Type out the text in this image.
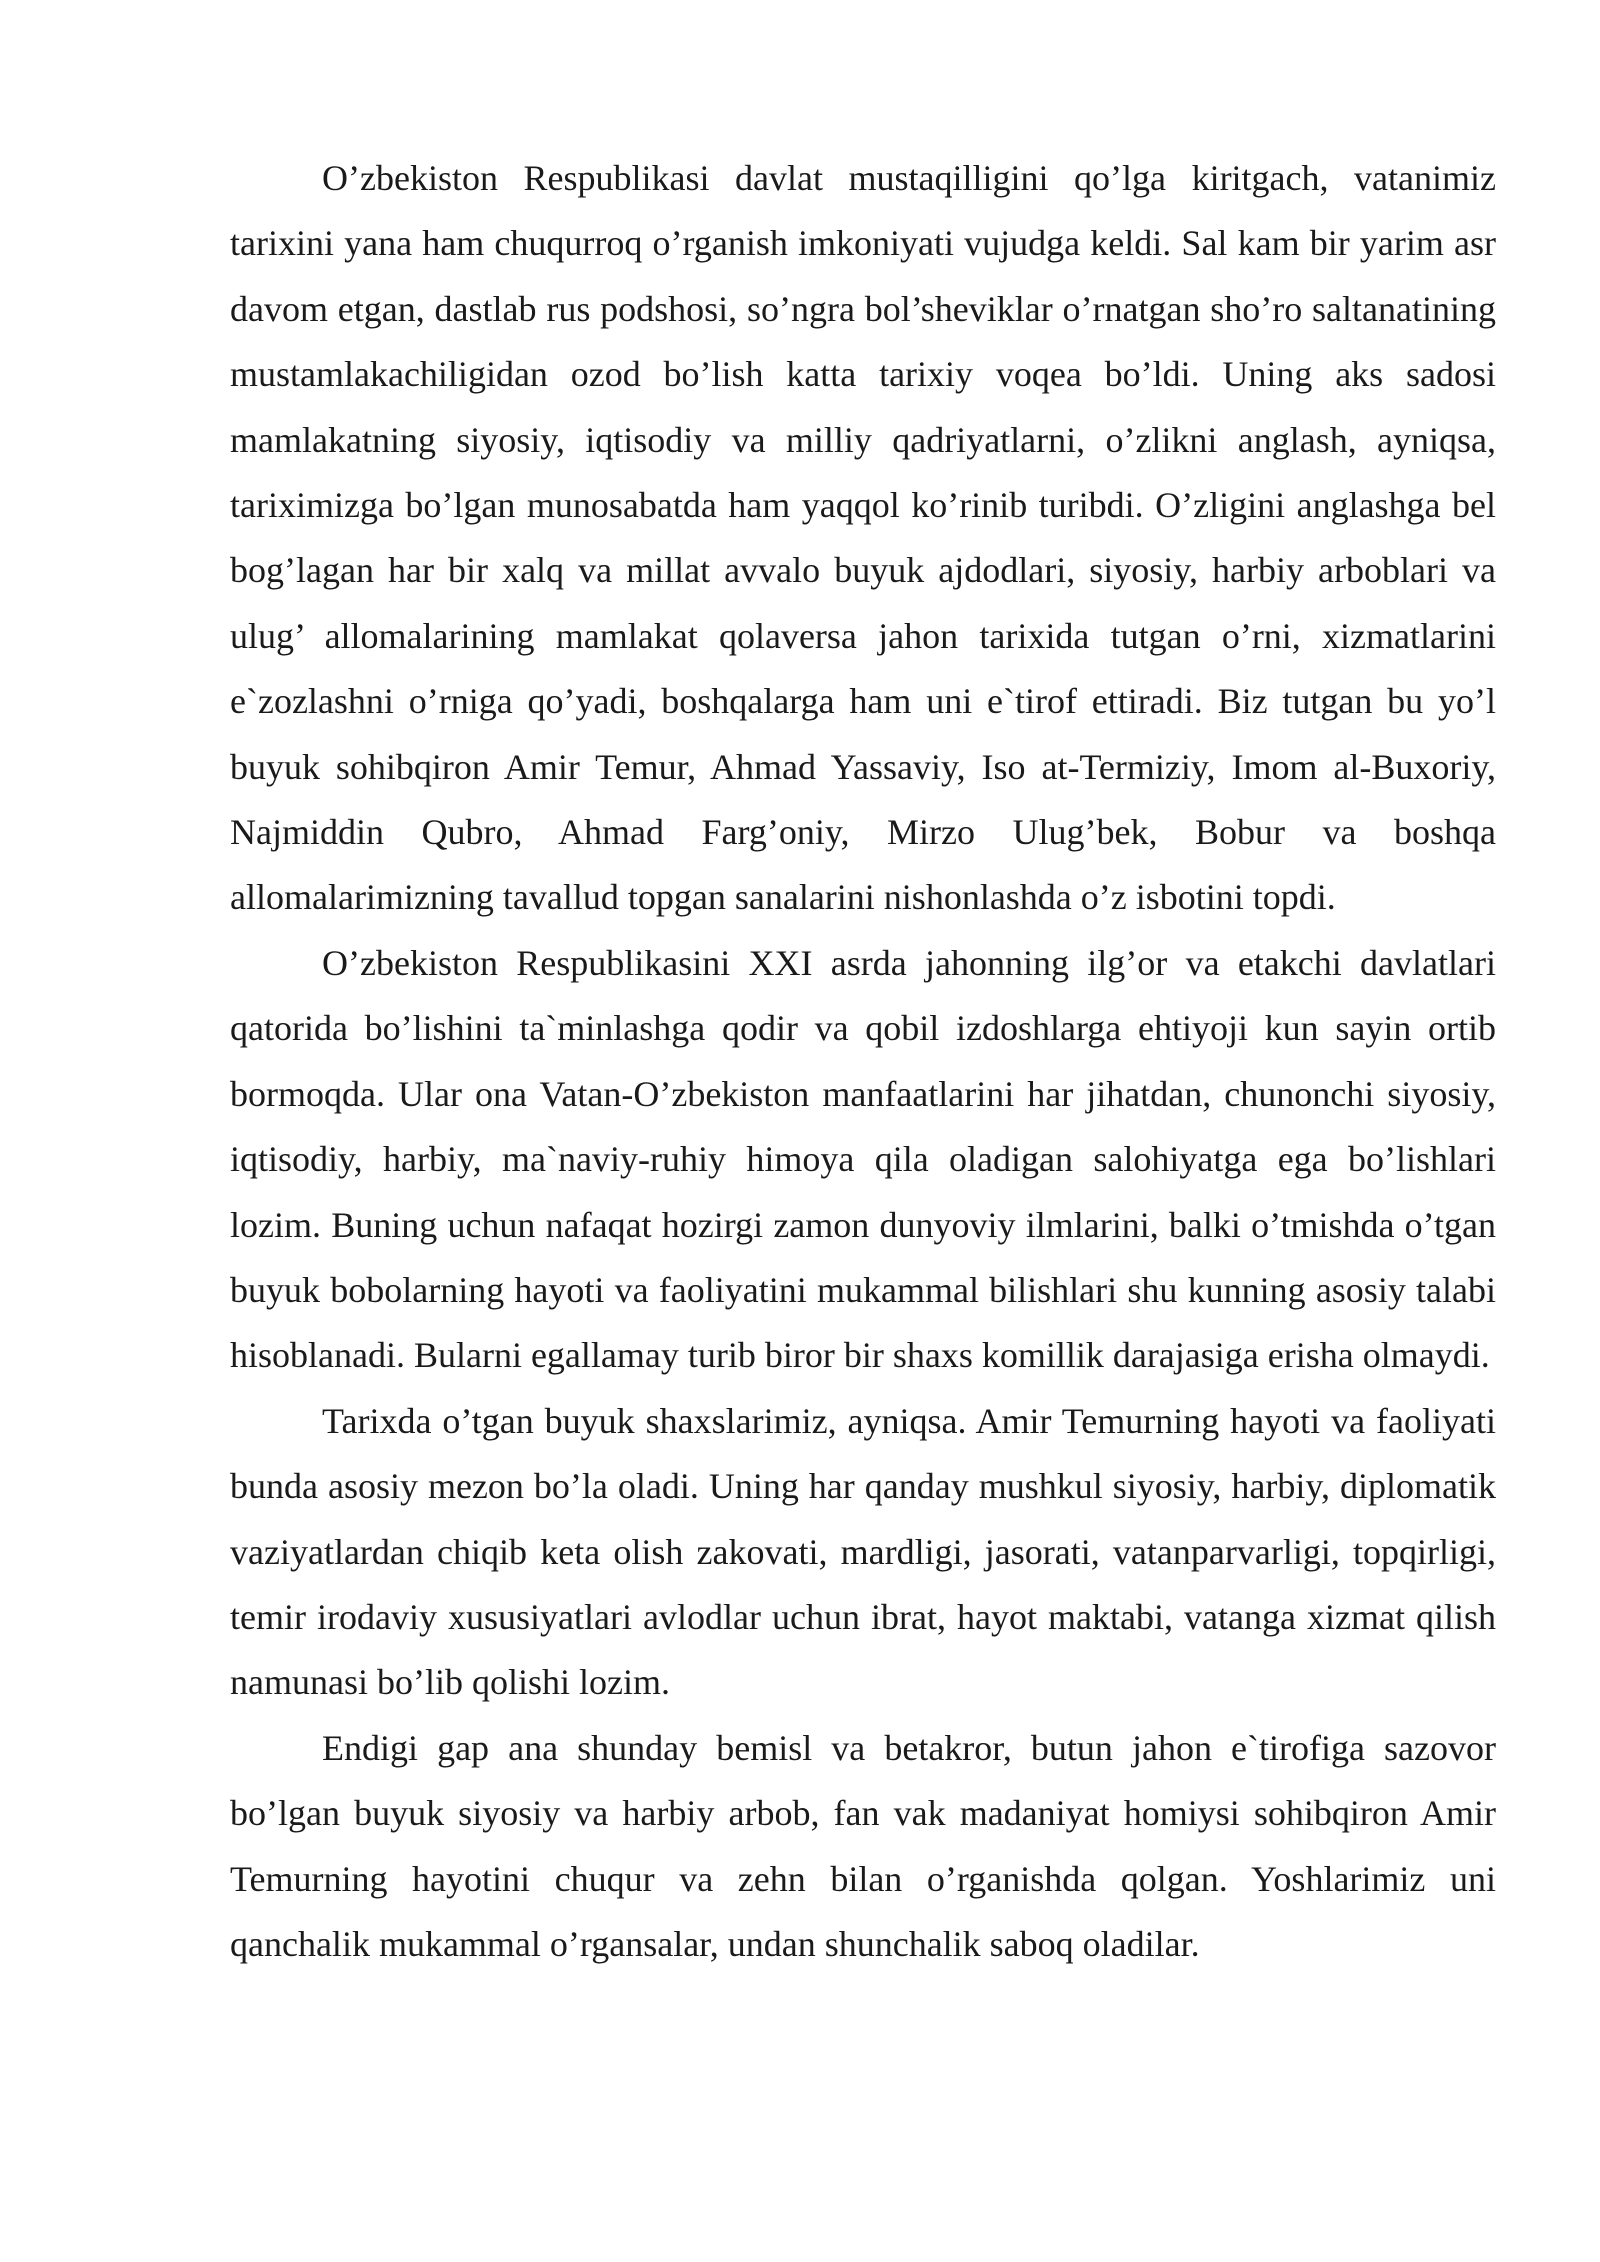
O’zbekiston Respublikasi davlat mustaqilligini qo’lga kiritgach, vatanimiz tarixini yana ham chuqurroq o’rganish imkoniyati vujudga keldi. Sal kam bir yarim asr davom etgan, dastlab rus podshosi, so’ngra bol’sheviklar o’rnatgan sho’ro saltanatining mustamlakachiligidan ozod bo’lish katta tarixiy voqea bo’ldi. Uning aks sadosi mamlakatning siyosiy, iqtisodiy va milliy qadriyatlarni, o’zlikni anglash, ayniqsa, tariximizga bo’lgan munosabatda ham yaqqol ko’rinib turibdi. O’zligini anglashga bel bog’lagan har bir xalq va millat avvalo buyuk ajdodlari, siyosiy, harbiy arboblari va ulug’ allomalarining mamlakat qolaversa jahon tarixida tutgan o’rni, xizmatlarini e`zozlashni o’rniga qo’yadi, boshqalarga ham uni e`tirof ettiradi. Biz tutgan bu yo’l buyuk sohibqiron Amir Temur, Ahmad Yassaviy, Iso at-Termiziy, Imom al-Buxoriy, Najmiddin Qubro, Ahmad Farg’oniy, Mirzo Ulug’bek, Bobur va boshqa allomalarimizning tavallud topgan sanalarini nishonlashda o’z isbotini topdi.

O’zbekiston Respublikasini XXI asrda jahonning ilg’or va etakchi davlatlari qatorida bo’lishini ta`minlashga qodir va qobil izdoshlarga ehtiyoji kun sayin ortib bormoqda. Ular ona Vatan-O’zbekiston manfaatlarini har jihatdan, chunonchi siyosiy, iqtisodiy, harbiy, ma`naviy-ruhiy himoya qila oladigan salohiyatga ega bo’lishlari lozim. Buning uchun nafaqat hozirgi zamon dunyoviy ilmlarini, balki o’tmishda o’tgan buyuk bobolarning hayoti va faoliyatini mukammal bilishlari shu kunning asosiy talabi hisoblanadi. Bularni egallamay turib biror bir shaxs komillik darajasiga erisha olmaydi.

Tarixda o’tgan buyuk shaxslarimiz, ayniqsa. Amir Temurning hayoti va faoliyati bunda asosiy mezon bo’la oladi. Uning har qanday mushkul siyosiy, harbiy, diplomatik vaziyatlardan chiqib keta olish zakovati, mardligi, jasorati, vatanparvarligi, topqirligi, temir irodaviy xususiyatlari avlodlar uchun ibrat, hayot maktabi, vatanga xizmat qilish namunasi bo’lib qolishi lozim.

Endigi gap ana shunday bemisl va betakror, butun jahon e`tirofiga sazovor bo’lgan buyuk siyosiy va harbiy arbob, fan vak madaniyat homiysi sohibqiron Amir Temurning hayotini chuqur va zehn bilan o’rganishda qolgan. Yoshlarimiz uni qanchalik mukammal o’rgansalar, undan shunchalik saboq oladilar.
